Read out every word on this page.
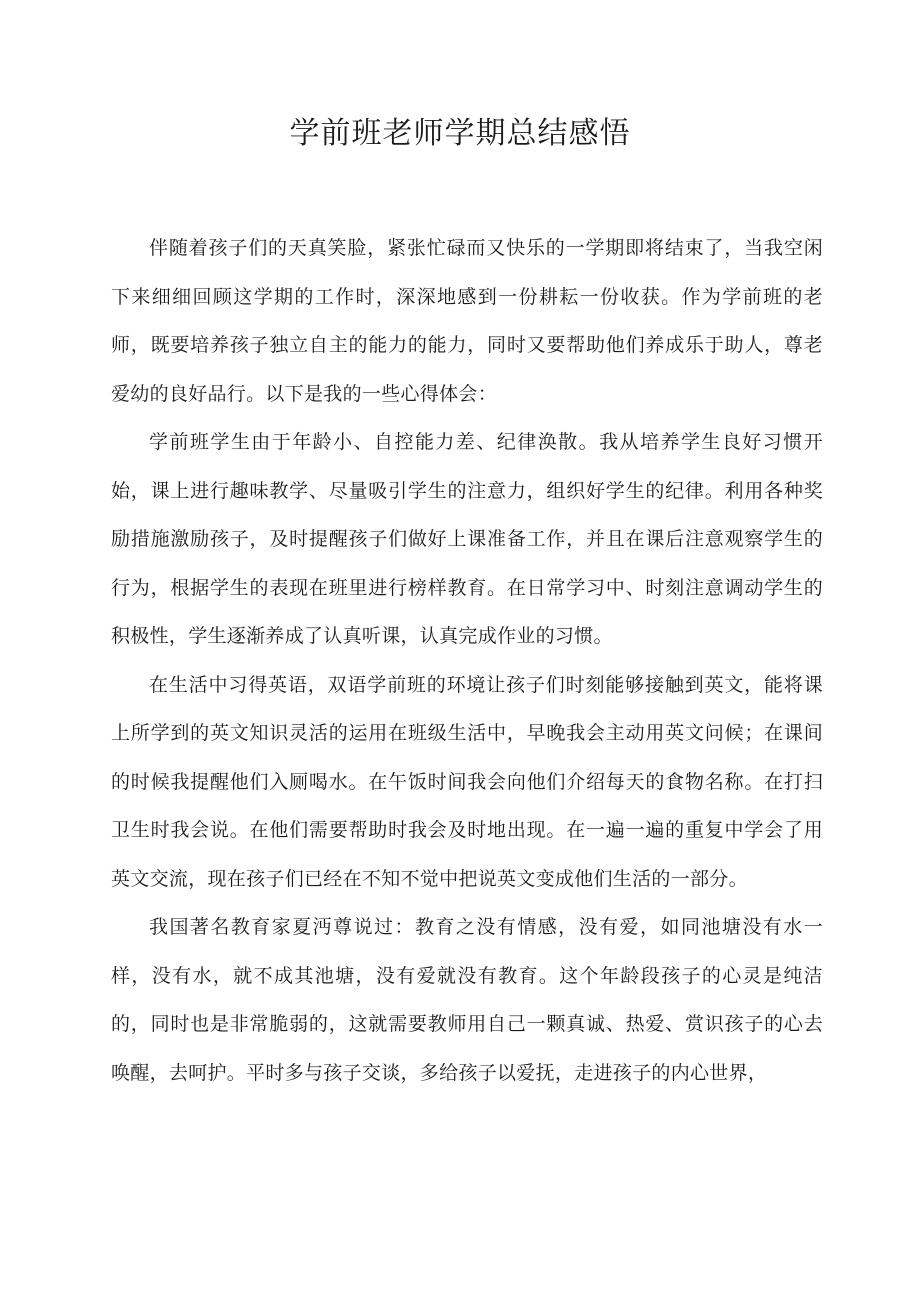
学前班老师学期总结感悟

伴随着孩子们的天真笑脸，紧张忙碌而又快乐的一学期即将结束了，当我空闲下来细细回顾这学期的工作时，深深地感到一份耕耘一份收获。作为学前班的老师，既要培养孩子独立自主的能力的能力，同时又要帮助他们养成乐于助人，尊老爱幼的良好品行。以下是我的一些心得体会：

学前班学生由于年龄小、自控能力差、纪律涣散。我从培养学生良好习惯开始，课上进行趣味教学、尽量吸引学生的注意力，组织好学生的纪律。利用各种奖励措施激励孩子，及时提醒孩子们做好上课准备工作，并且在课后注意观察学生的行为，根据学生的表现在班里进行榜样教育。在日常学习中、时刻注意调动学生的积极性，学生逐渐养成了认真听课，认真完成作业的习惯。

在生活中习得英语，双语学前班的环境让孩子们时刻能够接触到英文，能将课上所学到的英文知识灵活的运用在班级生活中，早晚我会主动用英文问候；在课间的时候我提醒他们入厕喝水。在午饭时间我会向他们介绍每天的食物名称。在打扫卫生时我会说。在他们需要帮助时我会及时地出现。在一遍一遍的重复中学会了用英文交流，现在孩子们已经在不知不觉中把说英文变成他们生活的一部分。

我国著名教育家夏沔尊说过：教育之没有情感，没有爱，如同池塘没有水一样，没有水，就不成其池塘，没有爱就没有教育。这个年龄段孩子的心灵是纯洁的，同时也是非常脆弱的，这就需要教师用自己一颗真诚、热爱、赏识孩子的心去唤醒，去呵护。平时多与孩子交谈，多给孩子以爱抚，走进孩子的内心世界，
